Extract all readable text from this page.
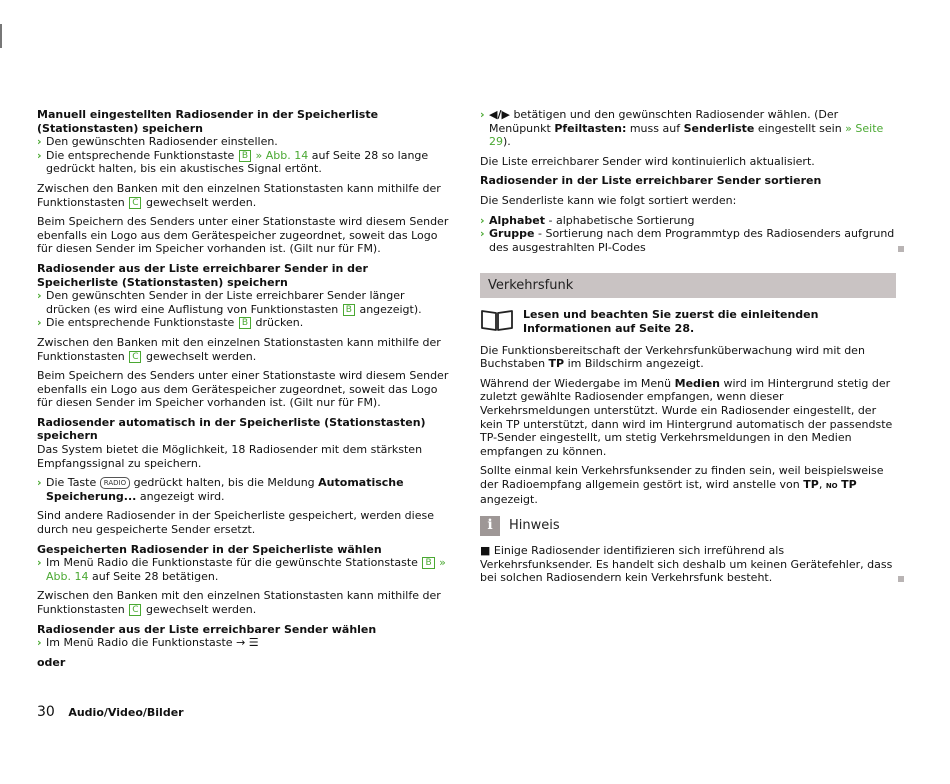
Manuell eingestellten Radiosender in der Speicherliste (Stationstasten) speichern

› Den gewünschten Radiosender einstellen.

› Die entsprechende Funktionstaste B » Abb. 14 auf Seite 28 so lange gedrückt halten, bis ein akustisches Signal ertönt.

Zwischen den Banken mit den einzelnen Stationstasten kann mithilfe der Funktionstasten C gewechselt werden.

Beim Speichern des Senders unter einer Stationstaste wird diesem Sender ebenfalls ein Logo aus dem Gerätespeicher zugeordnet, soweit das Logo für diesen Sender im Speicher vorhanden ist. (Gilt nur für FM).

Radiosender aus der Liste erreichbarer Sender in der Speicherliste (Stationstasten) speichern

› Den gewünschten Sender in der Liste erreichbarer Sender länger drücken (es wird eine Auflistung von Funktionstasten B angezeigt).

› Die entsprechende Funktionstaste B drücken.

Zwischen den Banken mit den einzelnen Stationstasten kann mithilfe der Funktionstasten C gewechselt werden.

Beim Speichern des Senders unter einer Stationstaste wird diesem Sender ebenfalls ein Logo aus dem Gerätespeicher zugeordnet, soweit das Logo für diesen Sender im Speicher vorhanden ist. (Gilt nur für FM).

Radiosender automatisch in der Speicherliste (Stationstasten) speichern

Das System bietet die Möglichkeit, 18 Radiosender mit dem stärksten Empfangssignal zu speichern.

› Die Taste RADIO gedrückt halten, bis die Meldung Automatische Speicherung... angezeigt wird.

Sind andere Radiosender in der Speicherliste gespeichert, werden diese durch neu gespeicherte Sender ersetzt.

Gespeicherten Radiosender in der Speicherliste wählen

› Im Menü Radio die Funktionstaste für die gewünschte Stationstaste B » Abb. 14 auf Seite 28 betätigen.

Zwischen den Banken mit den einzelnen Stationstasten kann mithilfe der Funktionstasten C gewechselt werden.

Radiosender aus der Liste erreichbarer Sender wählen

› Im Menü Radio die Funktionstaste → ☰

oder

› ◀/▶ betätigen und den gewünschten Radiosender wählen. (Der Menüpunkt Pfeiltasten: muss auf Senderliste eingestellt sein » Seite 29).

Die Liste erreichbarer Sender wird kontinuierlich aktualisiert.

Radiosender in der Liste erreichbarer Sender sortieren

Die Senderliste kann wie folgt sortiert werden:

› Alphabet - alphabetische Sortierung

› Gruppe - Sortierung nach dem Programmtyp des Radiosenders aufgrund des ausgestrahlten PI-Codes

Verkehrsfunk

Lesen und beachten Sie zuerst die einleitenden Informationen auf Seite 28.

Die Funktionsbereitschaft der Verkehrsfunküberwachung wird mit den Buchstaben TP im Bildschirm angezeigt.

Während der Wiedergabe im Menü Medien wird im Hintergrund stetig der zuletzt gewählte Radiosender empfangen, wenn dieser Verkehrsmeldungen unterstützt. Wurde ein Radiosender eingestellt, der kein TP unterstützt, dann wird im Hintergrund automatisch der passendste TP-Sender eingestellt, um stetig Verkehrsmeldungen in den Medien empfangen zu können.

Sollte einmal kein Verkehrsfunksender zu finden sein, weil beispielsweise der Radioempfang allgemein gestört ist, wird anstelle von TP, NO TP angezeigt.

i	Hinweis

■ Einige Radiosender identifizieren sich irreführend als Verkehrsfunksender. Es handelt sich deshalb um keinen Gerätefehler, dass bei solchen Radiosendern kein Verkehrsfunk besteht.

30 Audio/Video/Bilder
